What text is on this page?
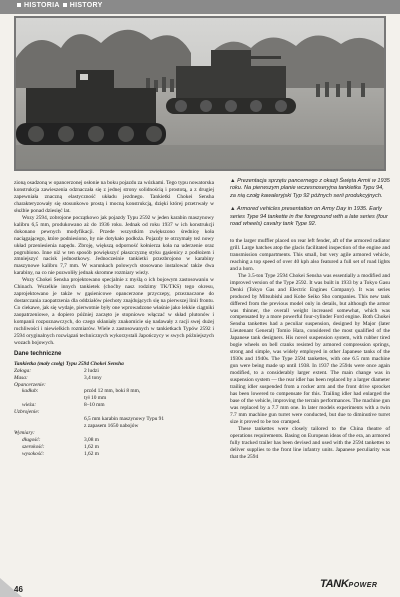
HISTORIA HISTORY

▲ Prezentacja sprzętu pancernego z okazji Święta Armii w 1935 roku. Na pierwszym planie wczesnoseryjna tankietka Typu 94, za nią czołg kawaleryjski Typ 92 późnych serii produkcyjnych.

▲ Armored vehicles presentation on Army Day in 1935. Early series Type 94 tankette in the foreground with a late series (four road wheels) cavalry tank Type 92.

zioną osadzoną w opancerzonej osłonie na boku pojazdu za wózkami. Tego typu nowatorska konstrukcja zawieszenia odznaczała się z jednej strony solidnością i prostotą, a z drugiej zapewniała znaczną elastyczność układu jezdnego. Tankietki Chokei Sensha charakteryzowały się stosunkowo prostą i mocną konstrukcją, dzięki której przetrwały w służbie ponad dziesięć lat.

Wozy 2594, zobrojone początkowo jak pojazdy Typu 2592 w jeden karabin maszynowy kalibru 6,5 mm, produkowano aż do 1936 roku. Jednak od roku 1937 w ich konstrukcji dokonano pewnych modyfikacji. Przede wszystkim zwiększono średnicę koła naciągającego, które podniesiono, by nie dotykało podłoża. Pojazdy te otrzymały też nowy układ przeniesienia napędu. Zbroję, większą odporność kołnierza koła na uderzenie oraz pogrubiono. Inne niż w ten sposób powiększyć płaszczyznę styku gąsienicy z podłożem i zmniejszyć nacisk jednostkowy. Jednocześnie tankietki przezbrojono w karabiny maszynowe kalibru 7,7 mm. W warunkach polowych stosowano instalować także dwa karabiny, na co nie pozwoliły jednak skromne rozmiary wieży.

Wozy Chokei Sensha projektowano specjalnie z myślą o ich bojowym zastosowaniu w Chinach. Wszelkie innych tankietek (choćby nasz rodzimy TK/TKS) tego okresu, zaprojektowano je także w gąsienicowe opancerzone przyczepy, przeznaczone do dostarczania zaopatrzenia dla oddziałów piechoty znajdujących się na pierwszej linii frontu. Co ciekawe, jak się wydaje, pierwotnie były one wprowadzone właśnie jako lekkie ciągniki zaopatrzeniowe, a dopiero później zaczęto je stopniowo włączać w skład plutonów i kompanii rozpoznawczych, do czego skłaniały znakomicie się nadawały z racji swej dużej ruchliwości i niewielkich rozmiarów. Wiele z zastosowanych w tankietkach Typów 2592 i 2594 oryginalnych rozwiązań technicznych wykorzystali Japończycy w swych późniejszych wozach bojowych.

Dane techniczne
Tankietka (mały czołg) Typu 2594 Chokei Sensha
Załoga:	2 ludzi
Masa:	3,4 tony
Opancerzenie:
kadłub:	przód 12 mm, boki 8 mm,
tył 10 mm
wieża:	8–10 mm
Uzbrojenie:
6,5 mm karabin maszynowy Typu 91
z zapasem 1650 nabojów
Wymiary:
długość:	3,08 m
szerokość:	1,62 m
wysokość:	1,62 m

to the larger muffler placed on rear left fender, aft of the armored radiator grill. Large hatches atop the glacis facilitated inspection of the engine and transmission compartments. This small, but very agile armored vehicle, reaching a top speed of over 40 kph also featured a full set of road lights and a horn.

The 3.5-ton Type 2594 Chokei Sensha was essentially a modified and improved version of the Type 2592. It was built in 1933 by a Tokyo Gasu Denki (Tokyo Gas and Electric Engines Company). It was series produced by Mitsubishi and Kobe Seiko Sho companies. This new tank differed from the previous model only in details, but although the armor was thinner, the overall weight increased somewhat, which was compensated by a more powerful four-cylinder Ford engine. Both Chokei Sensha tankettes had a peculiar suspension, designed by Major (later Lieutenant General) Tomio Hara, considered the most qualified of the Japanese tank designers. His novel suspension system, with rubber tired bogie wheels on bell cranks resisted by armored compression springs, strong and simple, was widely employed in other Japanese tanks of the 1930s and 1940s. The Type 2594 tankettes, with one 6.5 mm machine gun were being made up until 1938. In 1937 the 2594s were once again modified, to a considerably larger extent. The main change was in suspension system — the rear idler has been replaced by a larger diameter trailing idler suspended from a rocker arm and the front drive sprocket has been lowered to compensate for this. Trailing idler had enlarged the base of the vehicle, improving the terrain performances. The machine gun was replaced by a 7.7 mm one. In later models experiments with a twin 7.7 mm machine gun turret were conducted, but due to diminutive turret size it proved to be too cramped.

These tankettes were closely tailored to the China theatre of operations requirements. Basing on European ideas of the era, an armored fully tracked trailer has been devised and used with the 2594 tankettes to deliver supplies to the front line infantry units. Japanese peculiarity was that the 2594

46	TANKPOWER
